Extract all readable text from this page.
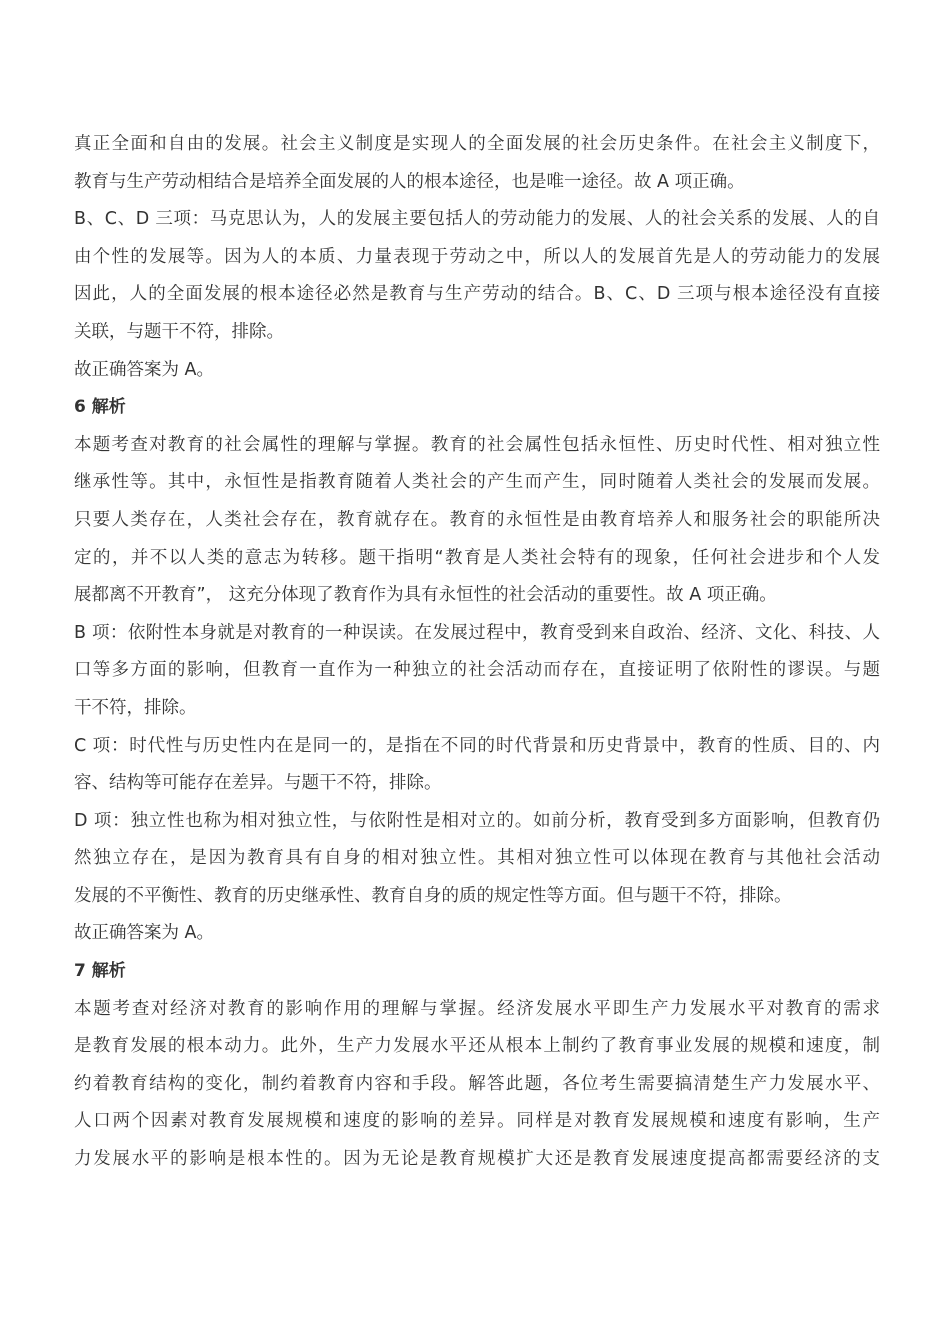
真正全面和自由的发展。社会主义制度是实现人的全面发展的社会历史条件。在社会主义制度下，
教育与生产劳动相结合是培养全面发展的人的根本途径，也是唯一途径。故 A 项正确。
B、C、D 三项：马克思认为，人的发展主要包括人的劳动能力的发展、人的社会关系的发展、人的自
由个性的发展等。因为人的本质、力量表现于劳动之中，所以人的发展首先是人的劳动能力的发展
因此，人的全面发展的根本途径必然是教育与生产劳动的结合。B、C、D 三项与根本途径没有直接
关联，与题干不符，排除。
故正确答案为 A。
6 解析
本题考查对教育的社会属性的理解与掌握。教育的社会属性包括永恒性、历史时代性、相对独立性
继承性等。其中，永恒性是指教育随着人类社会的产生而产生，同时随着人类社会的发展而发展。
只要人类存在，人类社会存在，教育就存在。教育的永恒性是由教育培养人和服务社会的职能所决
定的，并不以人类的意志为转移。题干指明“教育是人类社会特有的现象，任何社会进步和个人发
展都离不开教育”， 这充分体现了教育作为具有永恒性的社会活动的重要性。故 A 项正确。
B 项：依附性本身就是对教育的一种误读。在发展过程中，教育受到来自政治、经济、文化、科技、人
口等多方面的影响，但教育一直作为一种独立的社会活动而存在，直接证明了依附性的谬误。与题
干不符，排除。
C 项：时代性与历史性内在是同一的，是指在不同的时代背景和历史背景中，教育的性质、目的、内
容、结构等可能存在差异。与题干不符，排除。
D 项：独立性也称为相对独立性，与依附性是相对立的。如前分析，教育受到多方面影响，但教育仍
然独立存在，是因为教育具有自身的相对独立性。其相对独立性可以体现在教育与其他社会活动
发展的不平衡性、教育的历史继承性、教育自身的质的规定性等方面。但与题干不符，排除。
故正确答案为 A。
7 解析
本题考查对经济对教育的影响作用的理解与掌握。经济发展水平即生产力发展水平对教育的需求
是教育发展的根本动力。此外，生产力发展水平还从根本上制约了教育事业发展的规模和速度，制
约着教育结构的变化，制约着教育内容和手段。解答此题，各位考生需要搞清楚生产力发展水平、
人口两个因素对教育发展规模和速度的影响的差异。同样是对教育发展规模和速度有影响，生产
力发展水平的影响是根本性的。因为无论是教育规模扩大还是教育发展速度提高都需要经济的支
